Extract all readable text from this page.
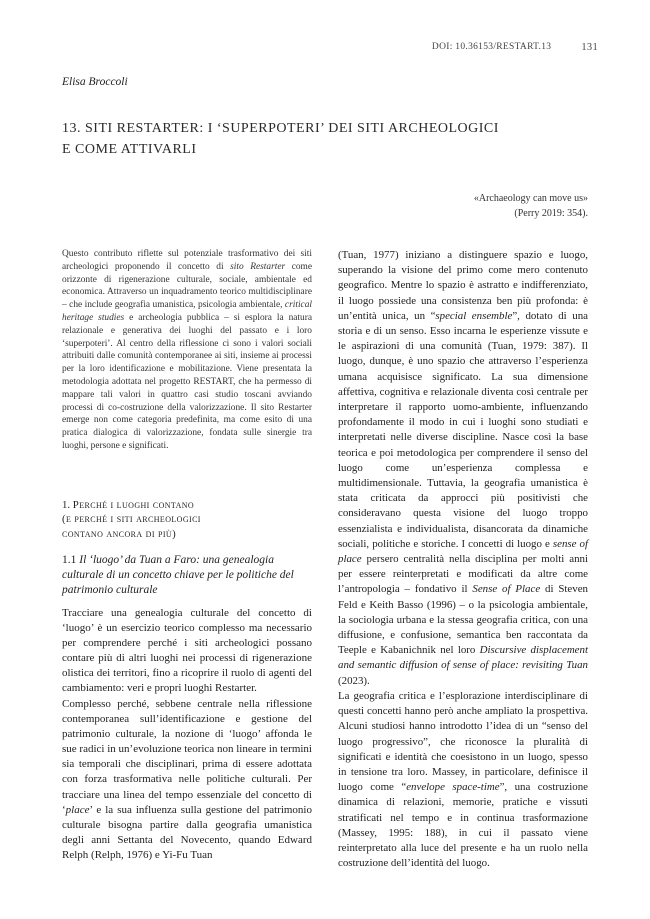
DOI: 10.36153/RESTART.13	131
Elisa Broccoli
13. SITI RESTARTER: I ‘SUPERPOTERI’ DEI SITI ARCHEOLOGICI
E COME ATTIVARLI
«Archaeology can move us»
(Perry 2019: 354).

Questo contributo riflette sul potenziale trasformativo dei siti archeologici proponendo il concetto di sito Restarter come orizzonte di rigenerazione culturale, sociale, ambientale ed economica. Attraverso un inquadramento teorico multidisciplinare – che include geografia umanistica, psicologia ambientale, critical heritage studies e archeologia pubblica – si esplora la natura relazionale e generativa dei luoghi del passato e i loro ‘superpoteri’. Al centro della riflessione ci sono i valori sociali attribuiti dalle comunità contemporanee ai siti, insieme ai processi per la loro identificazione e mobilitazione. Viene presentata la metodologia adottata nel progetto RESTART, che ha permesso di mappare tali valori in quattro casi studio toscani avviando processi di co-costruzione della valorizzazione. Il sito Restarter emerge non come categoria predefinita, ma come esito di una pratica dialogica di valorizzazione, fondata sulle sinergie tra luoghi, persone e significati.

1. Perché i luoghi contano
(e perché i siti archeologici
contano ancora di più)
1.1 Il ‘luogo’ da Tuan a Faro: una genealogia culturale di un concetto chiave per le politiche del patrimonio culturale

Tracciare una genealogia culturale del concetto di ‘luogo’ è un esercizio teorico complesso ma necessario per comprendere perché i siti archeologici possano contare più di altri luoghi nei processi di rigenerazione olistica dei territori, fino a ricoprire il ruolo di agenti del cambiamento: veri e propri luoghi Restarter.

Complesso perché, sebbene centrale nella riflessione contemporanea sull’identificazione e gestione del patrimonio culturale, la nozione di ‘luogo’ affonda le sue radici in un’evoluzione teorica non lineare in termini sia temporali che disciplinari, prima di essere adottata con forza trasformativa nelle politiche culturali. Per tracciare una linea del tempo essenziale del concetto di ‘place’ e la sua influenza sulla gestione del patrimonio culturale bisogna partire dalla geografia umanistica degli anni Settanta del Novecento, quando Edward Relph (Relph, 1976) e Yi-Fu Tuan

(Tuan, 1977) iniziano a distinguere spazio e luogo, superando la visione del primo come mero contenuto geografico. Mentre lo spazio è astratto e indifferenziato, il luogo possiede una consistenza ben più profonda: è un’entità unica, un “special ensemble”, dotato di una storia e di un senso. Esso incarna le esperienze vissute e le aspirazioni di una comunità (Tuan, 1979: 387). Il luogo, dunque, è uno spazio che attraverso l’esperienza umana acquisisce significato. La sua dimensione affettiva, cognitiva e relazionale diventa così centrale per interpretare il rapporto uomo-ambiente, influenzando profondamente il modo in cui i luoghi sono studiati e interpretati nelle diverse discipline. Nasce così la base teorica e poi metodologica per comprendere il senso del luogo come un’esperienza complessa e multidimensionale. Tuttavia, la geografia umanistica è stata criticata da approcci più positivisti che consideravano questa visione del luogo troppo essenzialista e individualista, disancorata da dinamiche sociali, politiche e storiche. I concetti di luogo e sense of place persero centralità nella disciplina per molti anni per essere reinterpretati e modificati da altre come l’antropologia – fondativo il Sense of Place di Steven Feld e Keith Basso (1996) – o la psicologia ambientale, la sociologia urbana e la stessa geografia critica, con una diffusione, e confusione, semantica ben raccontata da Teeple e Kabanichnik nel loro Discursive displacement and semantic diffusion of sense of place: revisiting Tuan (2023).

La geografia critica e l’esplorazione interdisciplinare di questi concetti hanno però anche ampliato la prospettiva. Alcuni studiosi hanno introdotto l’idea di un “senso del luogo progressivo”, che riconosce la pluralità di significati e identità che coesistono in un luogo, spesso in tensione tra loro. Massey, in particolare, definisce il luogo come “envelope space-time”, una costruzione dinamica di relazioni, memorie, pratiche e vissuti stratificati nel tempo e in continua trasformazione (Massey, 1995: 188), in cui il passato viene reinterpretato alla luce del presente e ha un ruolo nella costruzione dell’identità del luogo.
